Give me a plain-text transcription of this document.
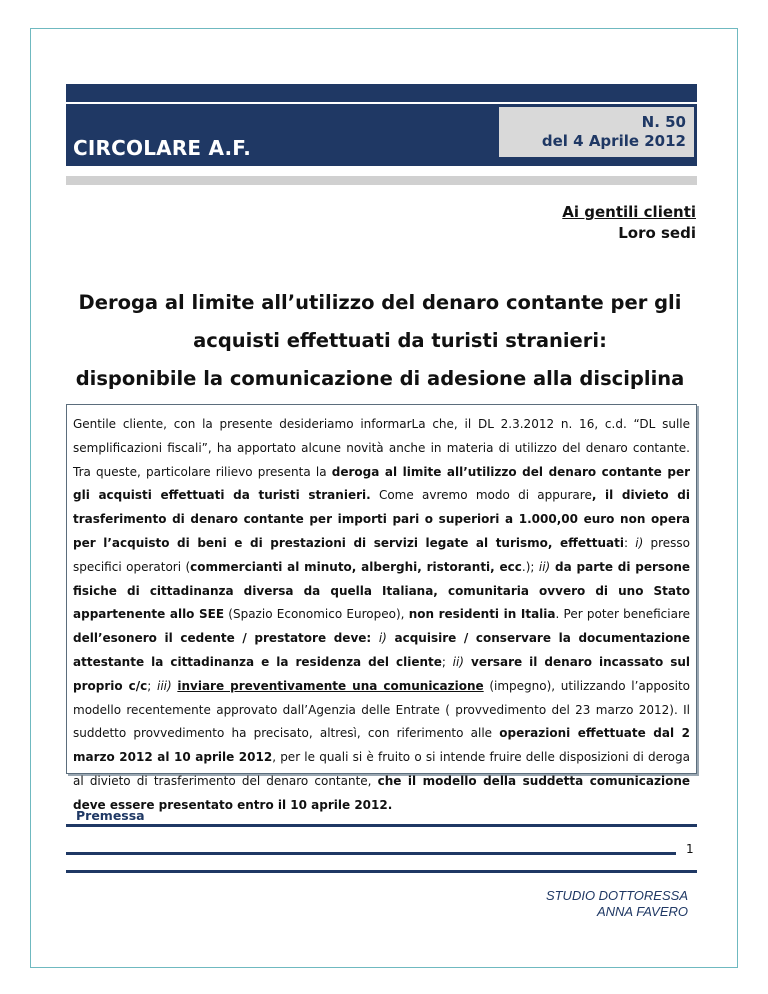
CIRCOLARE A.F.
N. 50
del 4 Aprile 2012
Ai gentili clienti
Loro sedi
Deroga al limite all’utilizzo del denaro contante per gli
acquisti effettuati da turisti stranieri:
disponibile la comunicazione di adesione alla disciplina
Gentile cliente, con la presente desideriamo informarLa che, il DL 2.3.2012 n. 16, c.d. “DL sulle semplificazioni fiscali”, ha apportato alcune novità anche in materia di utilizzo del denaro contante. Tra queste, particolare rilievo presenta la deroga al limite all’utilizzo del denaro contante per gli acquisti effettuati da turisti stranieri. Come avremo modo di appurare, il divieto di trasferimento di denaro contante per importi pari o superiori a 1.000,00 euro non opera per l’acquisto di beni e di prestazioni di servizi legate al turismo, effettuati: i) presso specifici operatori (commercianti al minuto, alberghi, ristoranti, ecc.); ii) da parte di persone fisiche di cittadinanza diversa da quella Italiana, comunitaria ovvero di uno Stato appartenente allo SEE (Spazio Economico Europeo), non residenti in Italia. Per poter beneficiare dell’esonero il cedente / prestatore deve: i) acquisire / conservare la documentazione attestante la cittadinanza e la residenza del cliente; ii) versare il denaro incassato sul proprio c/c; iii) inviare preventivamente una comunicazione (impegno), utilizzando l’apposito modello recentemente approvato dall’Agenzia delle Entrate ( provvedimento del 23 marzo 2012). Il suddetto provvedimento ha precisato, altresì, con riferimento alle operazioni effettuate dal 2 marzo 2012 al 10 aprile 2012, per le quali si è fruito o si intende fruire delle disposizioni di deroga al divieto di trasferimento del denaro contante, che il modello della suddetta comunicazione deve essere presentato entro il 10 aprile 2012.
Premessa
1
STUDIO DOTTORESSA
ANNA FAVERO
